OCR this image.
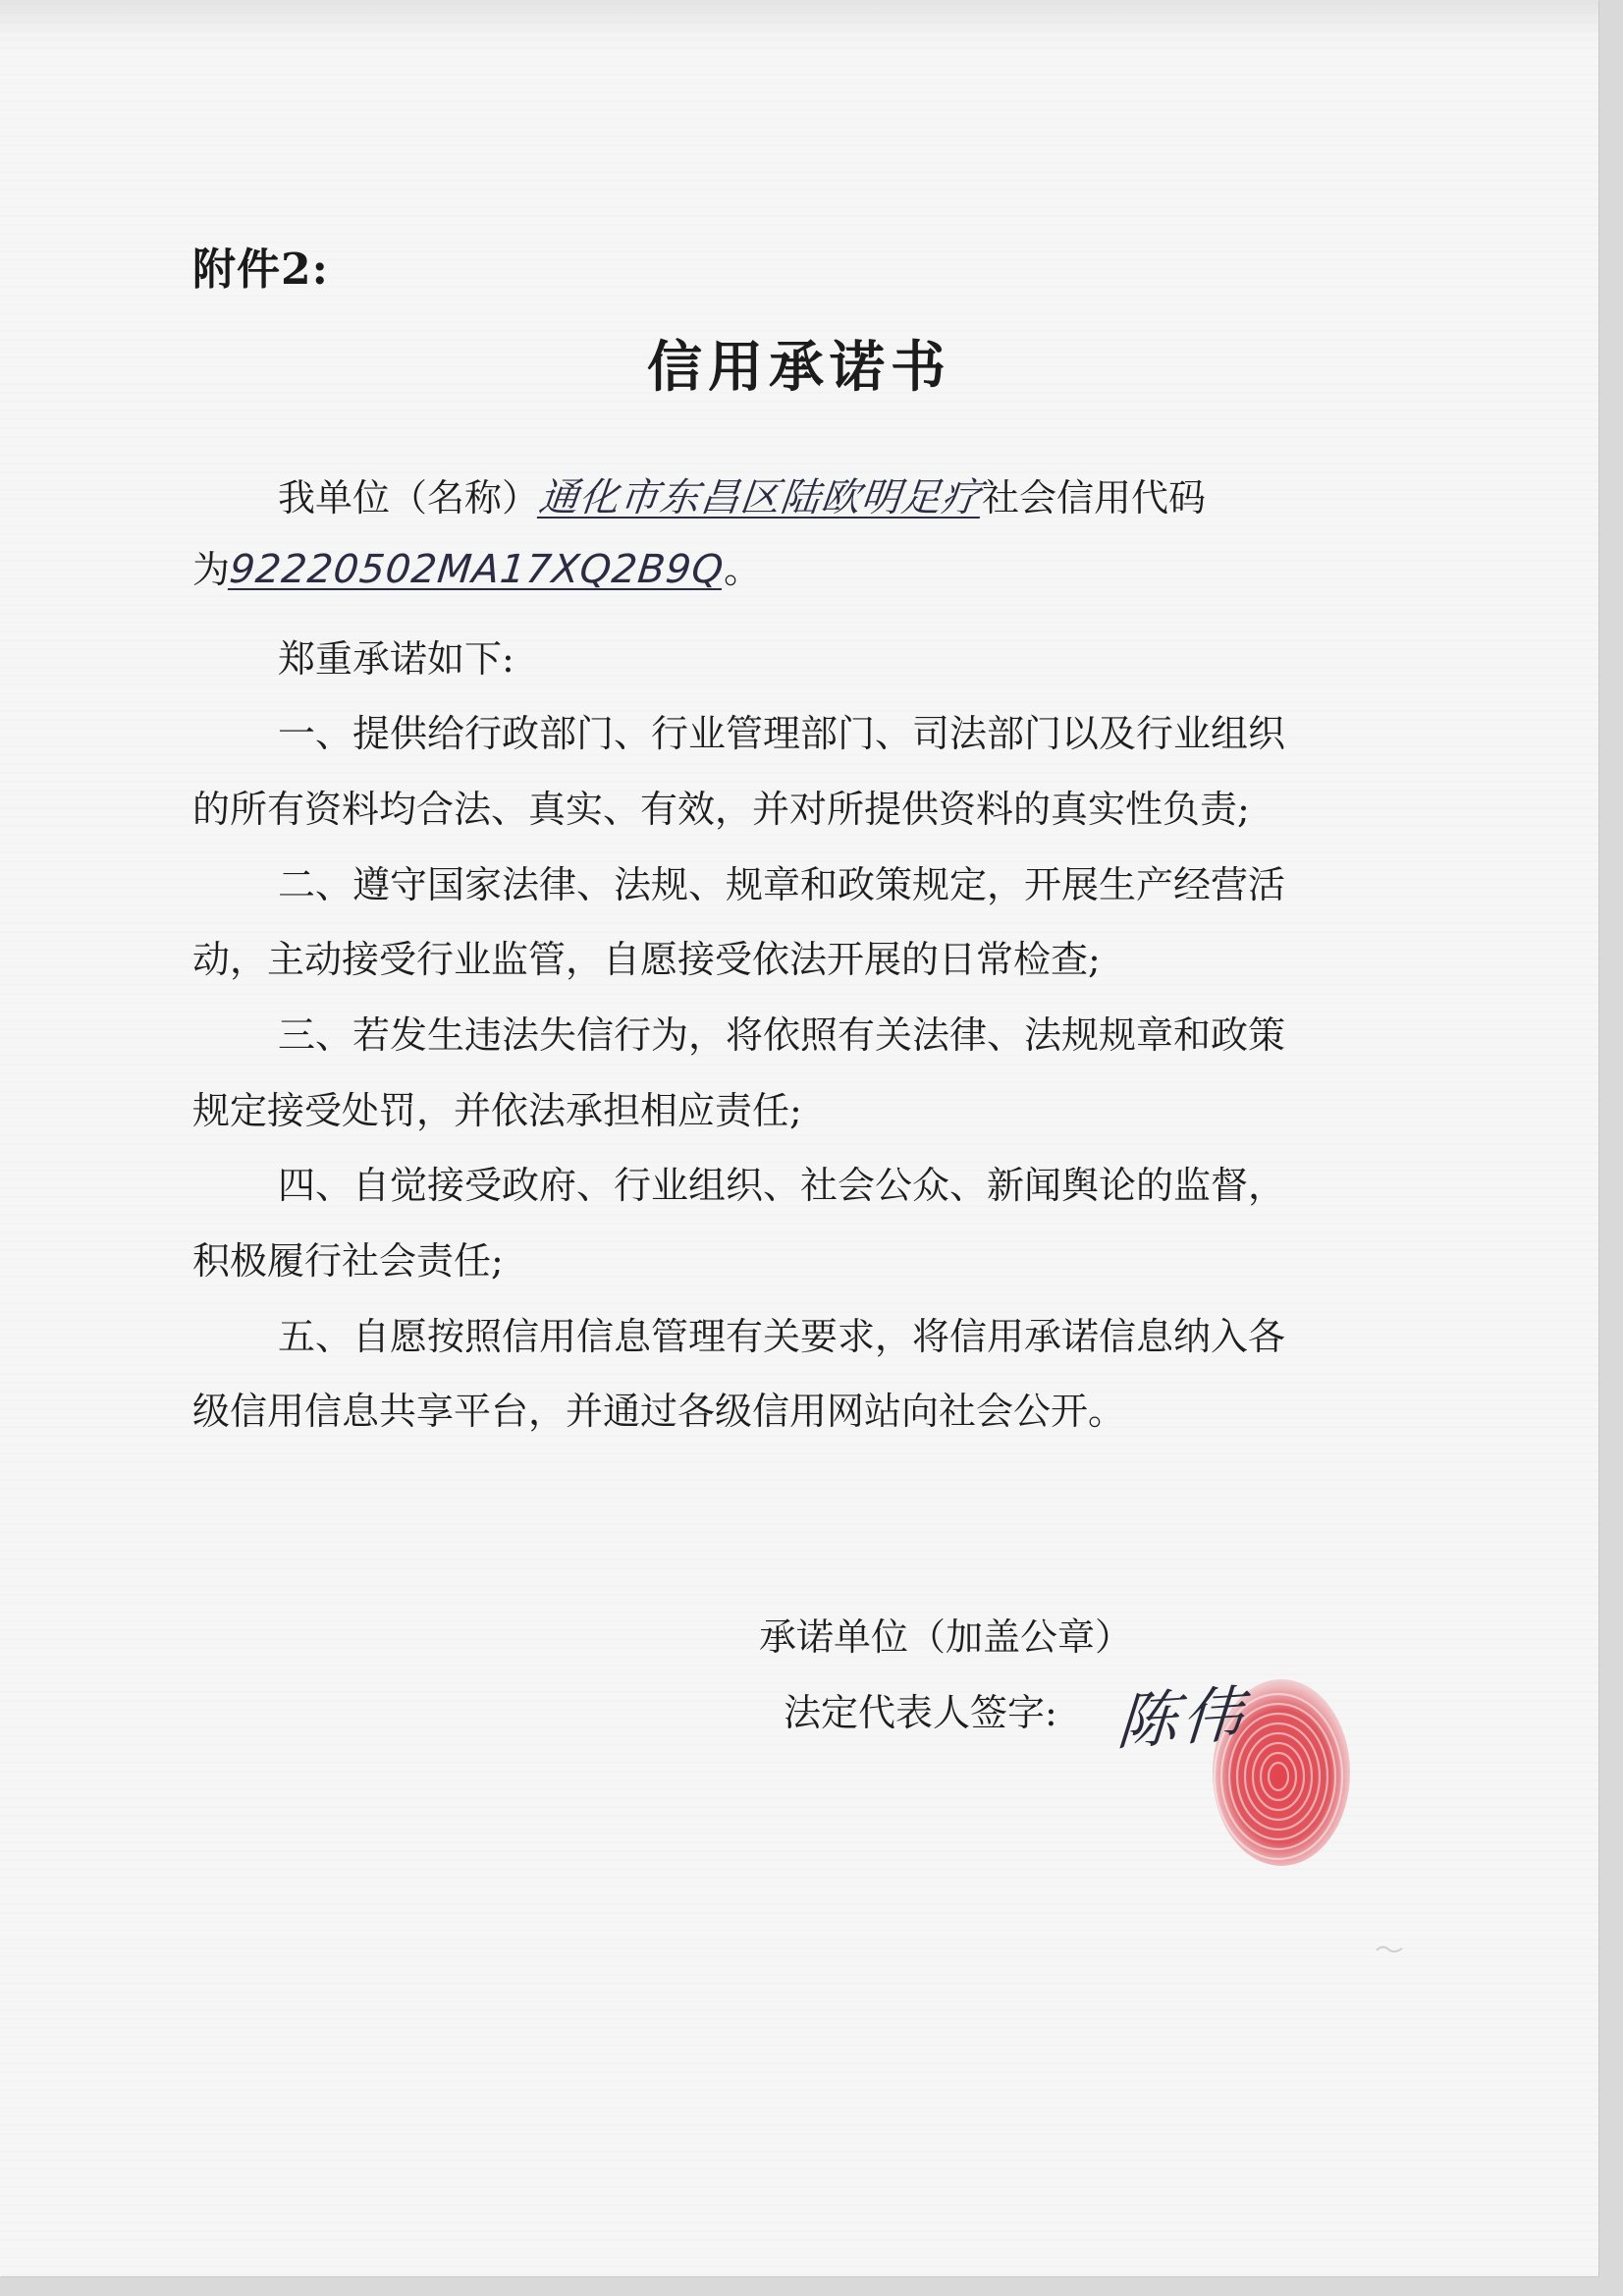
附件2:
信用承诺书
我单位（名称）通化市东昌区陆欧明足疗社会信用代码
为92220502MA17XQ2B9Q。
郑重承诺如下:
一、提供给行政部门、行业管理部门、司法部门以及行业组织
的所有资料均合法、真实、有效，并对所提供资料的真实性负责;
二、遵守国家法律、法规、规章和政策规定，开展生产经营活
动，主动接受行业监管，自愿接受依法开展的日常检查;
三、若发生违法失信行为，将依照有关法律、法规规章和政策
规定接受处罚，并依法承担相应责任;
四、自觉接受政府、行业组织、社会公众、新闻舆论的监督，
积极履行社会责任;
五、自愿按照信用信息管理有关要求，将信用承诺信息纳入各
级信用信息共享平台，并通过各级信用网站向社会公开。
承诺单位（加盖公章）
法定代表人签字: 陈伟
